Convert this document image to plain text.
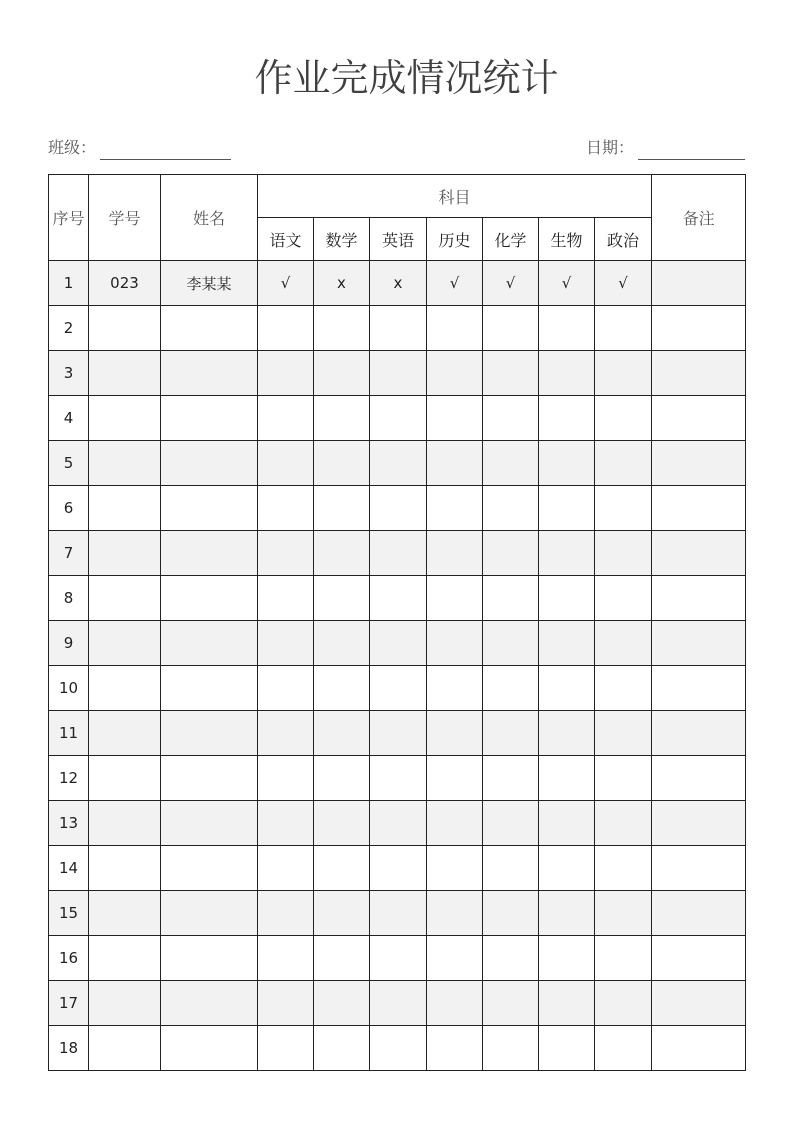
作业完成情况统计
班级：	日期：
序号	学号	姓名	科目							备注
			语文	数学	英语	历史	化学	生物	政治	
1	023	李某某	√	x	x	√	√	√	√	
2										
3										
4										
5										
6										
7										
8										
9										
10										
11										
12										
13										
14										
15										
16										
17										
18										
